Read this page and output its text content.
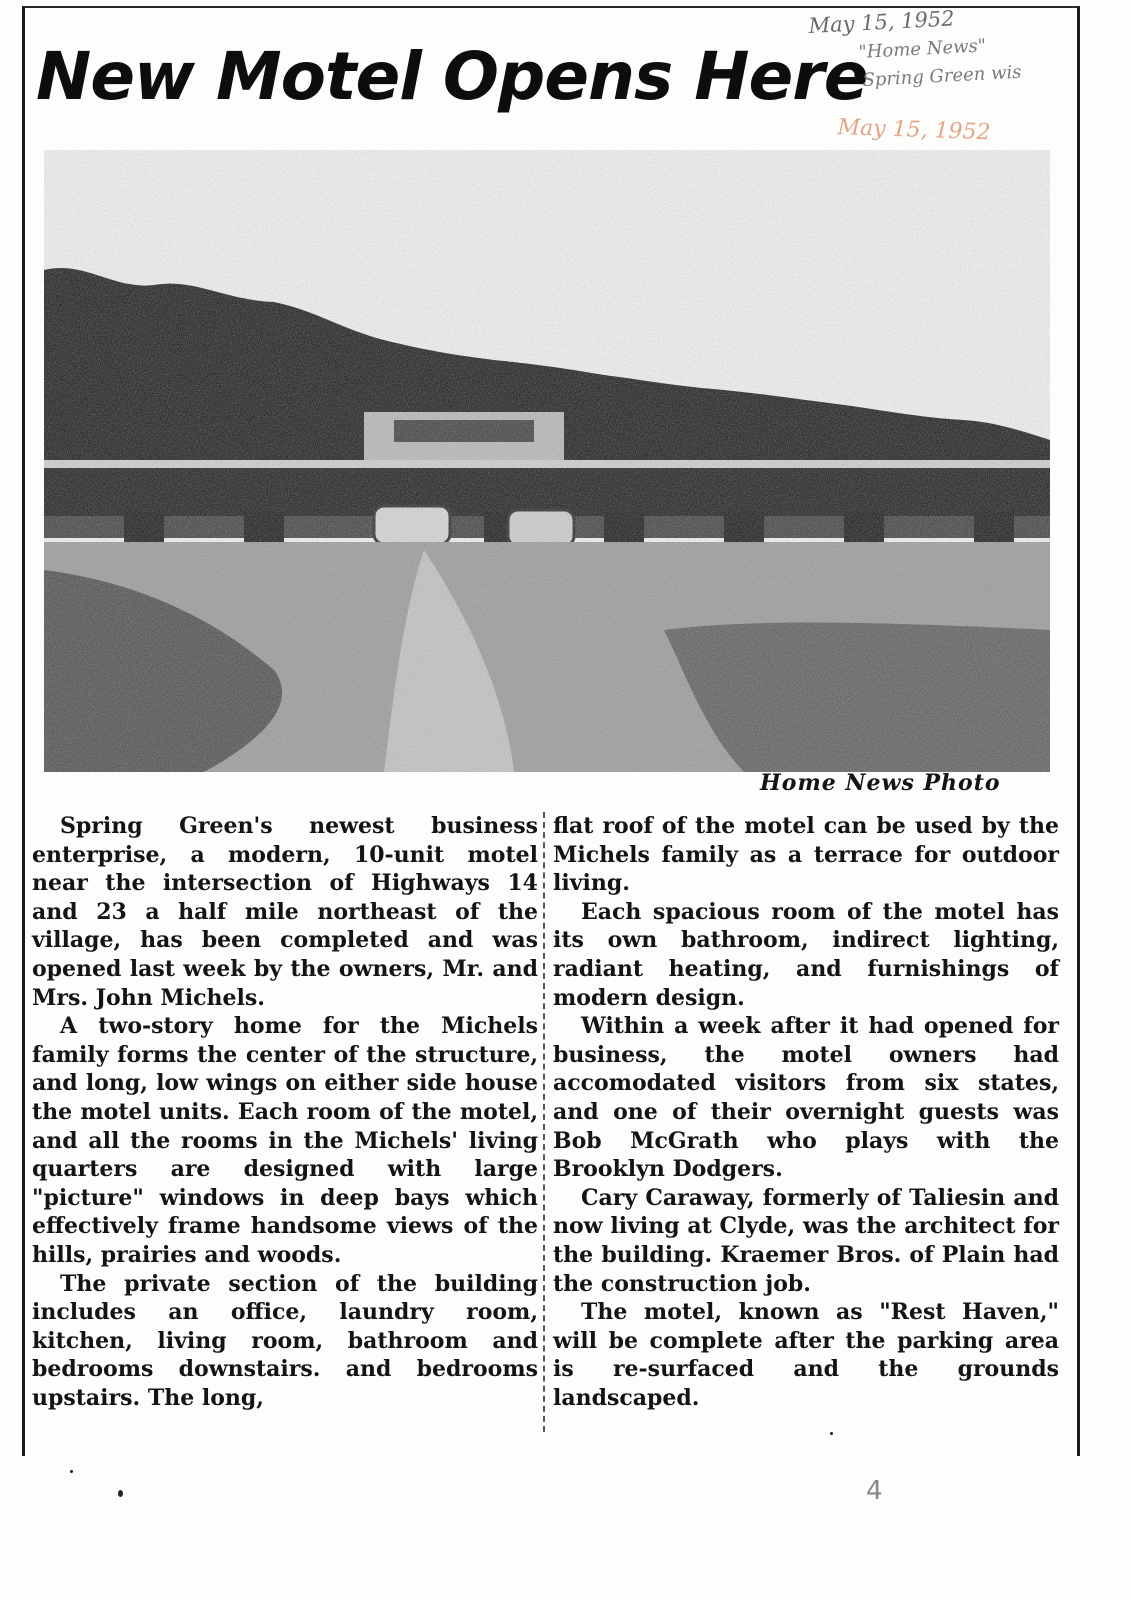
New Motel Opens Here
May 15, 1952
"Home News"
Spring Green wis
May 15, 1952

Home News Photo

Spring Green's newest business enterprise, a modern, 10-unit motel near the intersection of Highways 14 and 23 a half mile northeast of the village, has been completed and was opened last week by the owners, Mr. and Mrs. John Michels.

A two-story home for the Michels family forms the center of the structure, and long, low wings on either side house the motel units. Each room of the motel, and all the rooms in the Michels' living quarters are designed with large "picture" windows in deep bays which effectively frame handsome views of the hills, prairies and woods.

The private section of the building includes an office, laundry room, kitchen, living room, bathroom and bedrooms downstairs. and bedrooms upstairs. The long,

flat roof of the motel can be used by the Michels family as a terrace for outdoor living.

Each spacious room of the motel has its own bathroom, indirect lighting, radiant heating, and furnishings of modern design.

Within a week after it had opened for business, the motel owners had accomodated visitors from six states, and one of their overnight guests was Bob McGrath who plays with the Brooklyn Dodgers.

Cary Caraway, formerly of Taliesin and now living at Clyde, was the architect for the building. Kraemer Bros. of Plain had the construction job.

The motel, known as "Rest Haven," will be complete after the parking area is re-surfaced and the grounds landscaped.

4
